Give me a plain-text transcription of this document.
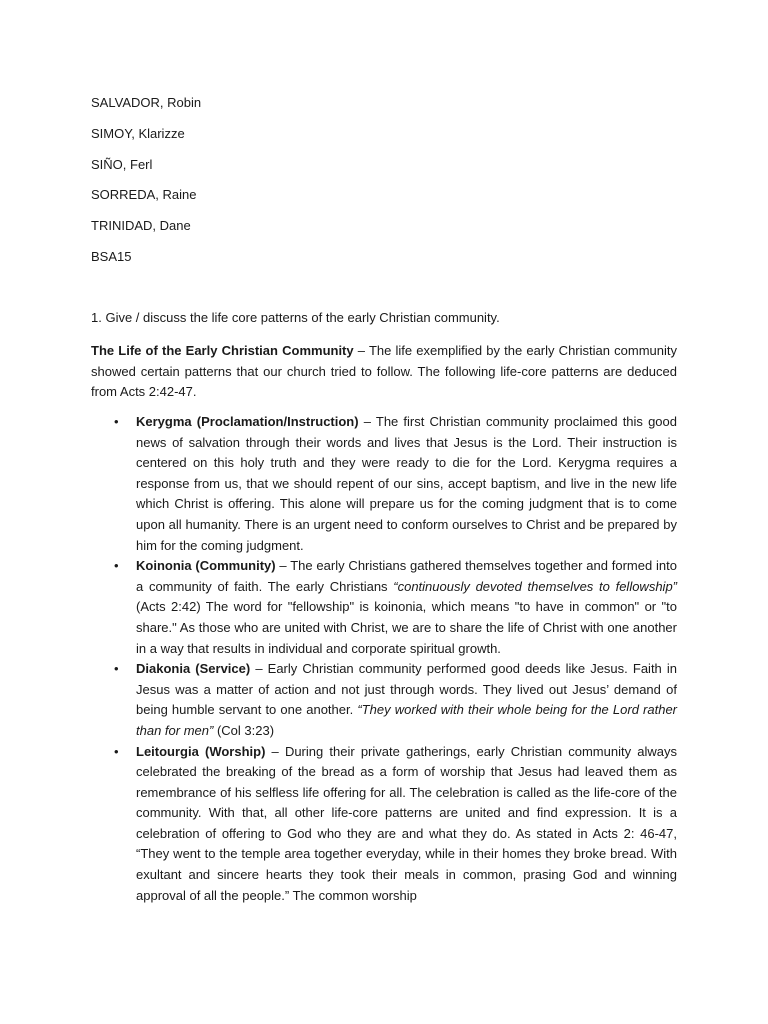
SALVADOR, Robin
SIMOY, Klarizze
SIÑO, Ferl
SORREDA, Raine
TRINIDAD, Dane
BSA15
1. Give / discuss the life core patterns of the early Christian community.

The Life of the Early Christian Community – The life exemplified by the early Christian community showed certain patterns that our church tried to follow. The following life-core patterns are deduced from Acts 2:42-47.

• Kerygma (Proclamation/Instruction) – The first Christian community proclaimed this good news of salvation through their words and lives that Jesus is the Lord. Their instruction is centered on this holy truth and they were ready to die for the Lord. Kerygma requires a response from us, that we should repent of our sins, accept baptism, and live in the new life which Christ is offering. This alone will prepare us for the coming judgment that is to come upon all humanity. There is an urgent need to conform ourselves to Christ and be prepared by him for the coming judgment.
• Koinonia (Community) – The early Christians gathered themselves together and formed into a community of faith. The early Christians “continuously devoted themselves to fellowship” (Acts 2:42) The word for "fellowship" is koinonia, which means "to have in common" or "to share." As those who are united with Christ, we are to share the life of Christ with one another in a way that results in individual and corporate spiritual growth.
• Diakonia (Service) – Early Christian community performed good deeds like Jesus. Faith in Jesus was a matter of action and not just through words. They lived out Jesus’ demand of being humble servant to one another. “They worked with their whole being for the Lord rather than for men” (Col 3:23)
• Leitourgia (Worship) – During their private gatherings, early Christian community always celebrated the breaking of the bread as a form of worship that Jesus had leaved them as remembrance of his selfless life offering for all. The celebration is called as the life-core of the community. With that, all other life-core patterns are united and find expression. It is a celebration of offering to God who they are and what they do. As stated in Acts 2: 46-47, “They went to the temple area together everyday, while in their homes they broke bread. With exultant and sincere hearts they took their meals in common, prasing God and winning approval of all the people.” The common worship
